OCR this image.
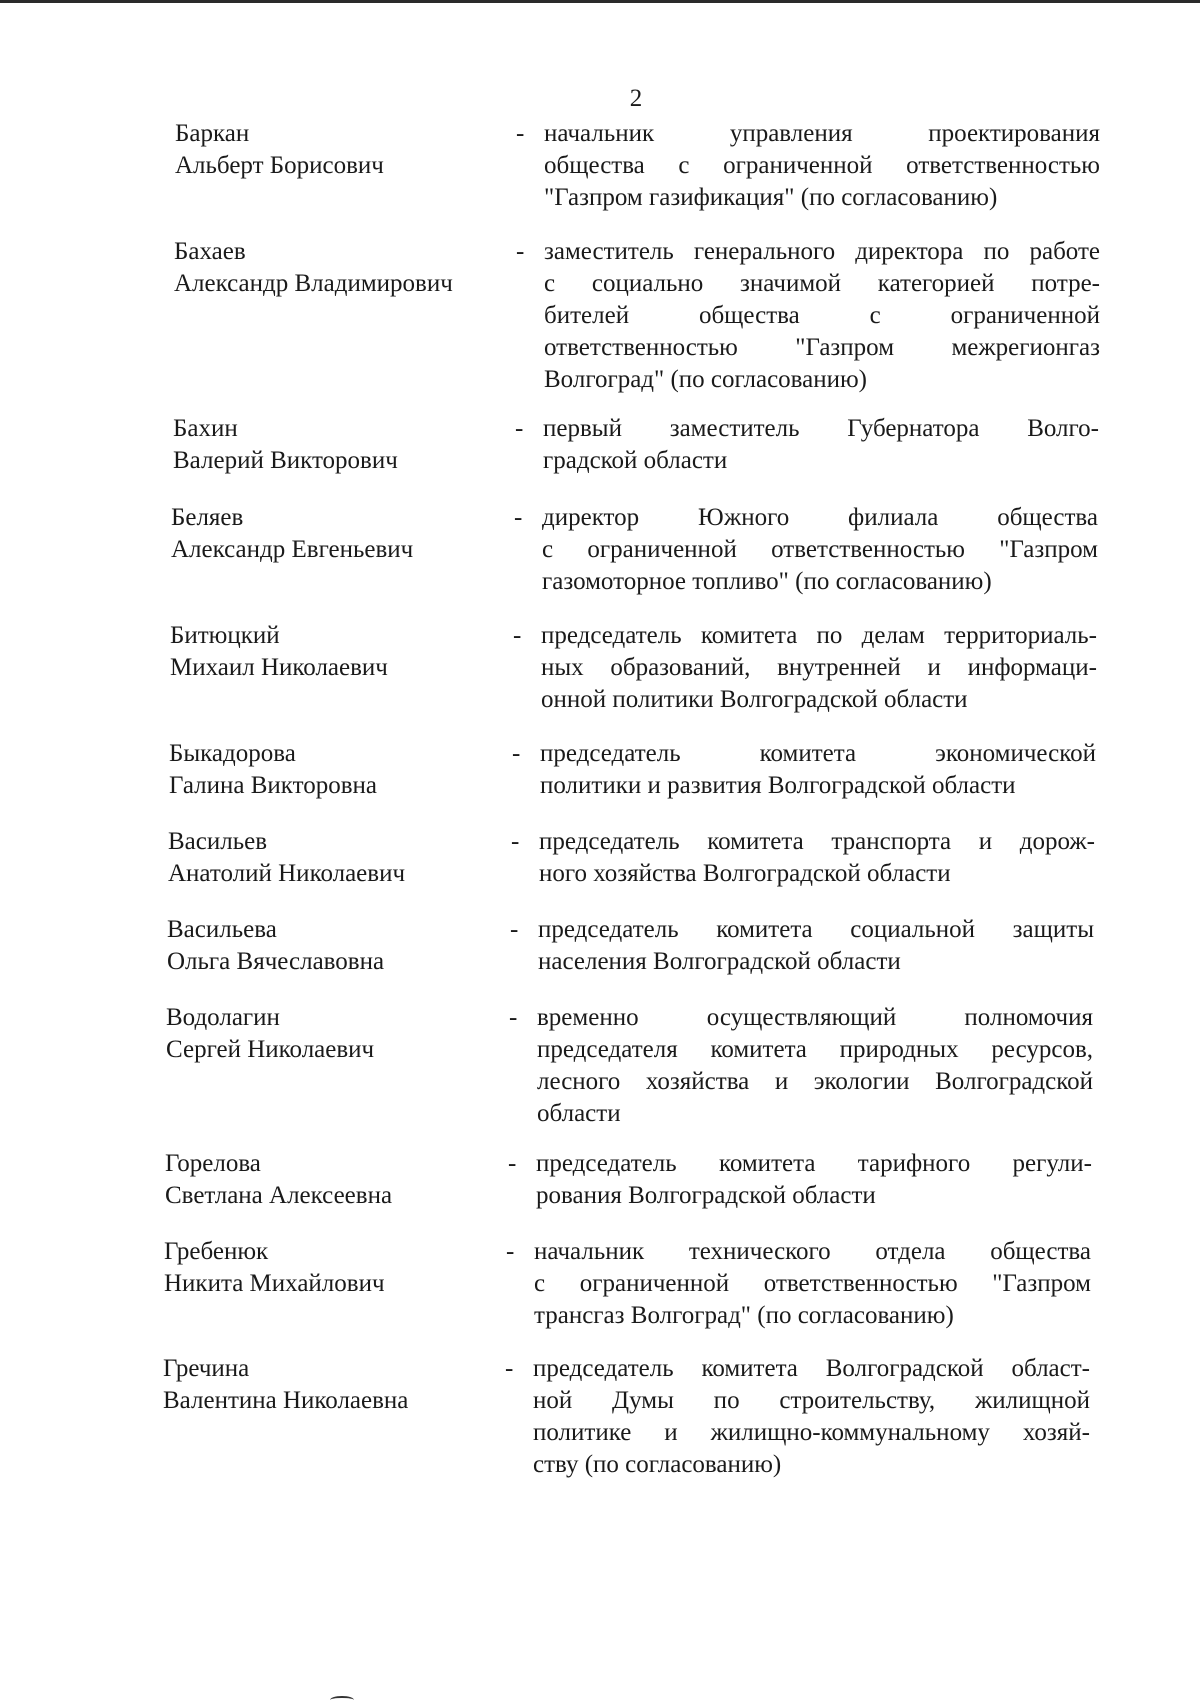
2
Баркан
Альберт Борисович
- начальник управления проектирования
общества с ограниченной ответственностью
"Газпром газификация" (по согласованию)
Бахаев
Александр Владимирович
- заместитель генерального директора по работе
с социально значимой категорией потре-
бителей общества с ограниченной
ответственностью "Газпром межрегионгаз
Волгоград" (по согласованию)
Бахин
Валерий Викторович
- первый заместитель Губернатора Волго-
градской области
Беляев
Александр Евгеньевич
- директор Южного филиала общества
с ограниченной ответственностью "Газпром
газомоторное топливо" (по согласованию)
Битюцкий
Михаил Николаевич
- председатель комитета по делам территориаль-
ных образований, внутренней и информаци-
онной политики Волгоградской области
Быкадорова
Галина Викторовна
- председатель комитета экономической
политики и развития Волгоградской области
Васильев
Анатолий Николаевич
- председатель комитета транспорта и дорож-
ного хозяйства Волгоградской области
Васильева
Ольга Вячеславовна
- председатель комитета социальной защиты
населения Волгоградской области
Водолагин
Сергей Николаевич
- временно осуществляющий полномочия
председателя комитета природных ресурсов,
лесного хозяйства и экологии Волгоградской
области
Горелова
Светлана Алексеевна
- председатель комитета тарифного регули-
рования Волгоградской области
Гребенюк
Никита Михайлович
- начальник технического отдела общества
с ограниченной ответственностью "Газпром
трансгаз Волгоград" (по согласованию)
Гречина
Валентина Николаевна
- председатель комитета Волгоградской област-
ной Думы по строительству, жилищной
политике и жилищно-коммунальному хозяй-
ству (по согласованию)
